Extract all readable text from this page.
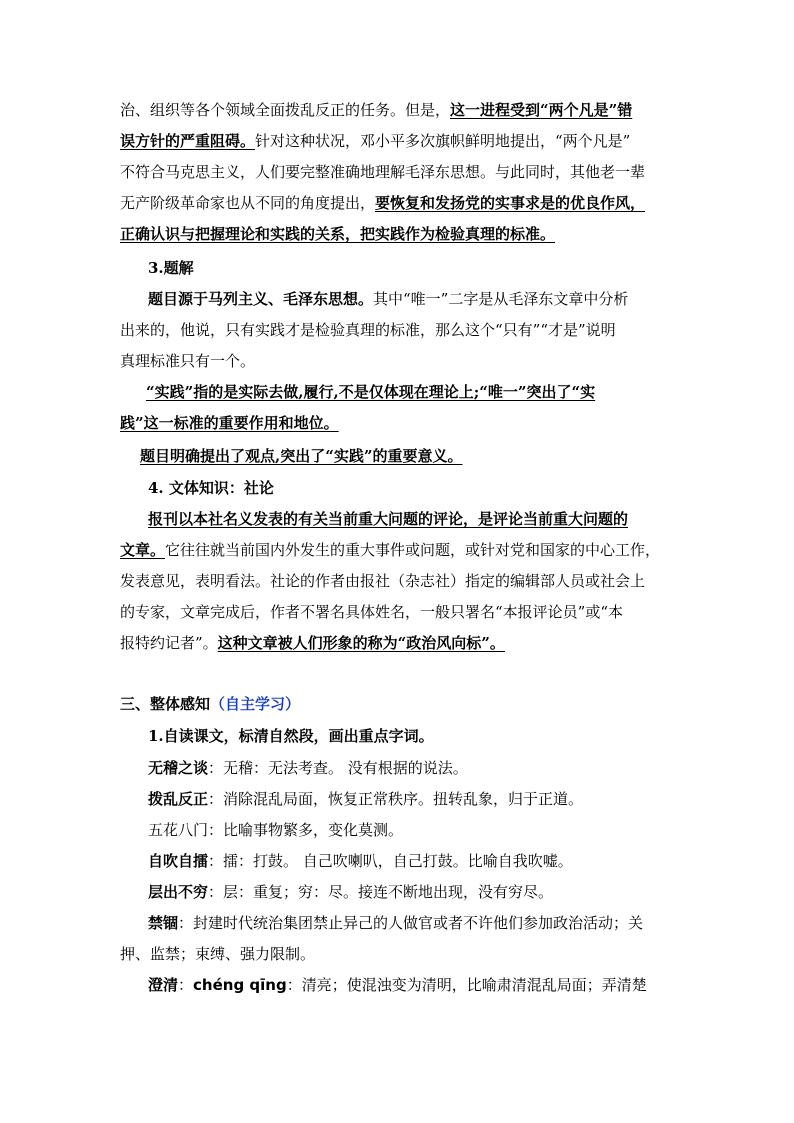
治、组织等各个领域全面拨乱反正的任务。但是，这一进程受到“两个凡是”错
误方针的严重阻碍。针对这种状况，邓小平多次旗帜鲜明地提出，“两个凡是”
不符合马克思主义，人们要完整准确地理解毛泽东思想。与此同时，其他老一辈
无产阶级革命家也从不同的角度提出，要恢复和发扬党的实事求是的优良作风，
正确认识与把握理论和实践的关系，把实践作为检验真理的标准。
3.题解
题目源于马列主义、毛泽东思想。其中“唯一”二字是从毛泽东文章中分析
出来的，他说，只有实践才是检验真理的标准，那么这个“只有”“才是”说明
真理标准只有一个。
“实践”指的是实际去做,履行,不是仅体现在理论上;“唯一”突出了“实
践”这一标准的重要作用和地位。
题目明确提出了观点,突出了“实践”的重要意义。
4. 文体知识：社论
报刊以本社名义发表的有关当前重大问题的评论，是评论当前重大问题的
文章。它往往就当前国内外发生的重大事件或问题，或针对党和国家的中心工作，
发表意见，表明看法。社论的作者由报社（杂志社）指定的编辑部人员或社会上
的专家，文章完成后，作者不署名具体姓名，一般只署名“本报评论员”或“本
报特约记者”。这种文章被人们形象的称为“政治风向标”。
三、整体感知（自主学习）
1.自读课文，标清自然段，画出重点字词。
无稽之谈：无稽：无法考查。 没有根据的说法。
拨乱反正：消除混乱局面，恢复正常秩序。扭转乱象，归于正道。
五花八门：比喻事物繁多，变化莫测。
自吹自擂：擂：打鼓。 自己吹喇叭，自己打鼓。比喻自我吹嘘。
层出不穷：层：重复；穷：尽。接连不断地出现，没有穷尽。
禁锢：封建时代统治集团禁止异己的人做官或者不许他们参加政治活动；关
押、监禁；束缚、强力限制。
澄清：chéng qīng：清亮；使混浊变为清明，比喻肃清混乱局面；弄清楚
